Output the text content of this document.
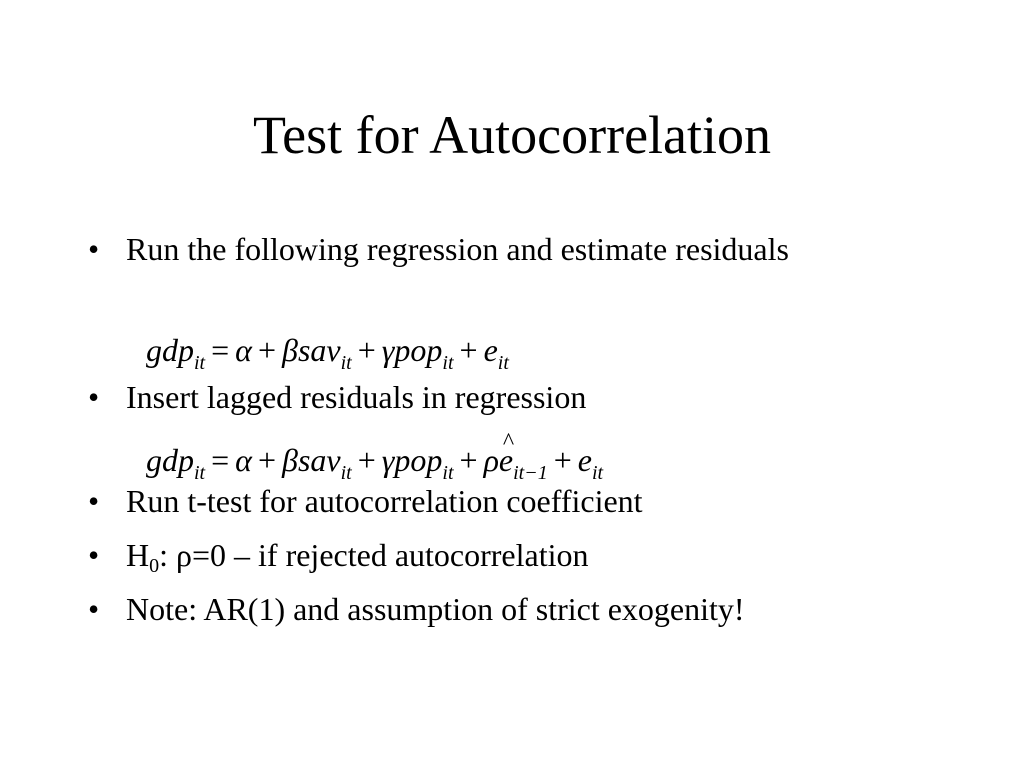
Test for Autocorrelation
• Run the following regression and estimate residuals
$gdp_{it} = \alpha + \beta sav_{it} + \gamma pop_{it} + e_{it}$
• Insert lagged residuals in regression
gdp$_{it}$ = α + βsav$_{it}$ + γpop$_{it}$ + ρe $\^{}_{it-1} + e_{it}$
• Run t-test for autocorrelation coefficient
• $H_0$: ρ=0 – if rejected autocorrelation
• Note: AR(1) and assumption of strict exogenity!
